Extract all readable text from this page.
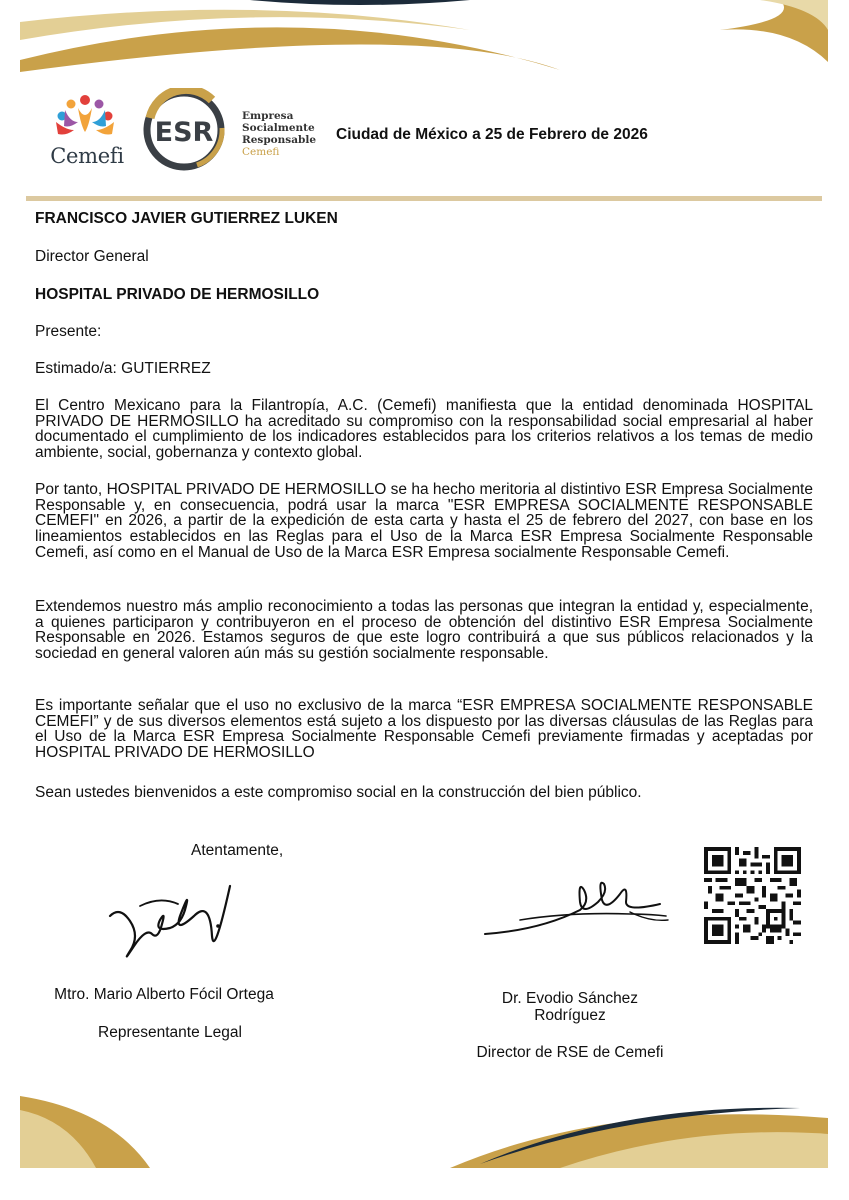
Cemefi
ESR
Empresa
Socialmente
Responsable
Cemefi
Ciudad de México a 25 de Febrero de 2026
FRANCISCO JAVIER GUTIERREZ LUKEN
Director General
HOSPITAL PRIVADO DE HERMOSILLO
Presente:
Estimado/a: GUTIERREZ

El Centro Mexicano para la Filantropía, A.C. (Cemefi) manifiesta que la entidad denominada HOSPITAL PRIVADO DE HERMOSILLO ha acreditado su compromiso con la responsabilidad social empresarial al haber documentado el cumplimiento de los indicadores establecidos para los criterios relativos a los temas de medio ambiente, social, gobernanza y contexto global.

Por tanto, HOSPITAL PRIVADO DE HERMOSILLO se ha hecho meritoria al distintivo ESR Empresa Socialmente Responsable y, en consecuencia, podrá usar la marca "ESR EMPRESA SOCIALMENTE RESPONSABLE CEMEFI" en 2026, a partir de la expedición de esta carta y hasta el 25 de febrero del 2027, con base en los lineamientos establecidos en las Reglas para el Uso de la Marca ESR Empresa Socialmente Responsable Cemefi, así como en el Manual de Uso de la Marca ESR Empresa socialmente Responsable Cemefi.

Extendemos nuestro más amplio reconocimiento a todas las personas que integran la entidad y, especialmente, a quienes participaron y contribuyeron en el proceso de obtención del distintivo ESR Empresa Socialmente Responsable en 2026. Estamos seguros de que este logro contribuirá a que sus públicos relacionados y la sociedad en general valoren aún más su gestión socialmente responsable.

Es importante señalar que el uso no exclusivo de la marca “ESR EMPRESA SOCIALMENTE RESPONSABLE CEMEFI” y de sus diversos elementos está sujeto a los dispuesto por las diversas cláusulas de las Reglas para el Uso de la Marca ESR Empresa Socialmente Responsable Cemefi previamente firmadas y aceptadas por HOSPITAL PRIVADO DE HERMOSILLO

Sean ustedes bienvenidos a este compromiso social en la construcción del bien público.

Atentamente,
Mtro. Mario Alberto Fócil Ortega
Representante Legal
Dr. Evodio Sánchez
Rodríguez
Director de RSE de Cemefi
